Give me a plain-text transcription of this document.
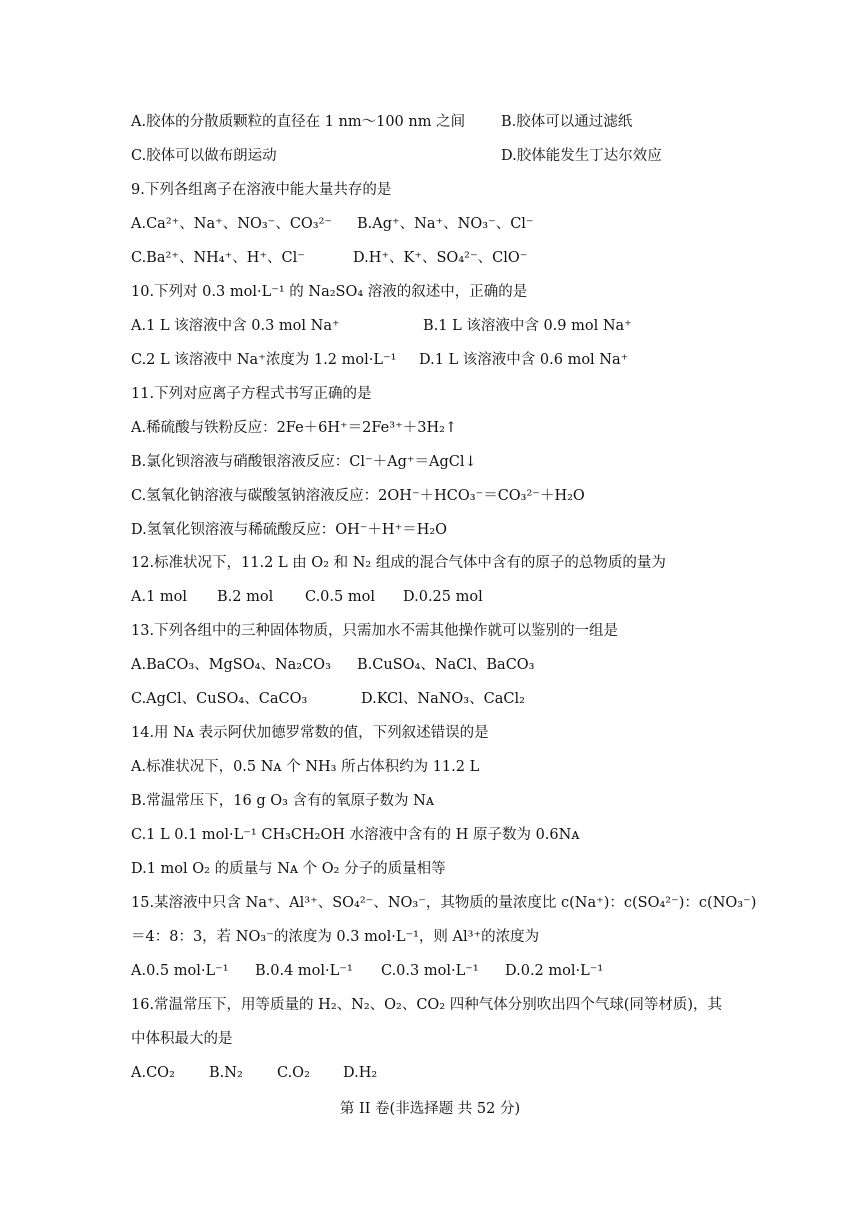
A.胶体的分散质颗粒的直径在 1 nm～100 nm 之间 B.胶体可以通过滤纸
C.胶体可以做布朗运动	D.胶体能发生丁达尔效应
9.下列各组离子在溶液中能大量共存的是
A.Ca²⁺、Na⁺、NO₃⁻、CO₃²⁻ B.Ag⁺、Na⁺、NO₃⁻、Cl⁻
C.Ba²⁺、NH₄⁺、H⁺、Cl⁻	D.H⁺、K⁺、SO₄²⁻、ClO⁻
10.下列对 0.3 mol·L⁻¹ 的 Na₂SO₄ 溶液的叙述中，正确的是
A.1 L 该溶液中含 0.3 mol Na⁺	B.1 L 该溶液中含 0.9 mol Na⁺
C.2 L 该溶液中 Na⁺浓度为 1.2 mol·L⁻¹ D.1 L 该溶液中含 0.6 mol Na⁺
11.下列对应离子方程式书写正确的是
A.稀硫酸与铁粉反应：2Fe＋6H⁺＝2Fe³⁺＋3H₂↑
B.氯化钡溶液与硝酸银溶液反应：Cl⁻＋Ag⁺＝AgCl↓
C.氢氧化钠溶液与碳酸氢钠溶液反应：2OH⁻＋HCO₃⁻＝CO₃²⁻＋H₂O
D.氢氧化钡溶液与稀硫酸反应：OH⁻＋H⁺＝H₂O
12.标准状况下，11.2 L 由 O₂ 和 N₂ 组成的混合气体中含有的原子的总物质的量为
A.1 mol B.2 mol C.0.5 mol D.0.25 mol
13.下列各组中的三种固体物质，只需加水不需其他操作就可以鉴别的一组是
A.BaCO₃、MgSO₄、Na₂CO₃ B.CuSO₄、NaCl、BaCO₃
C.AgCl、CuSO₄、CaCO₃	D.KCl、NaNO₃、CaCl₂
14.用 Nᴀ 表示阿伏加德罗常数的值，下列叙述错误的是
A.标准状况下，0.5 Nᴀ 个 NH₃ 所占体积约为 11.2 L
B.常温常压下，16 g O₃ 含有的氧原子数为 Nᴀ
C.1 L 0.1 mol·L⁻¹ CH₃CH₂OH 水溶液中含有的 H 原子数为 0.6Nᴀ
D.1 mol O₂ 的质量与 Nᴀ 个 O₂ 分子的质量相等
15.某溶液中只含 Na⁺、Al³⁺、SO₄²⁻、NO₃⁻，其物质的量浓度比 c(Na⁺)：c(SO₄²⁻)：c(NO₃⁻)
＝4：8：3，若 NO₃⁻的浓度为 0.3 mol·L⁻¹，则 Al³⁺的浓度为
A.0.5 mol·L⁻¹ B.0.4 mol·L⁻¹ C.0.3 mol·L⁻¹ D.0.2 mol·L⁻¹
16.常温常压下，用等质量的 H₂、N₂、O₂、CO₂ 四种气体分别吹出四个气球(同等材质)，其
中体积最大的是
A.CO₂ B.N₂ C.O₂ D.H₂
第 II 卷(非选择题 共 52 分)
